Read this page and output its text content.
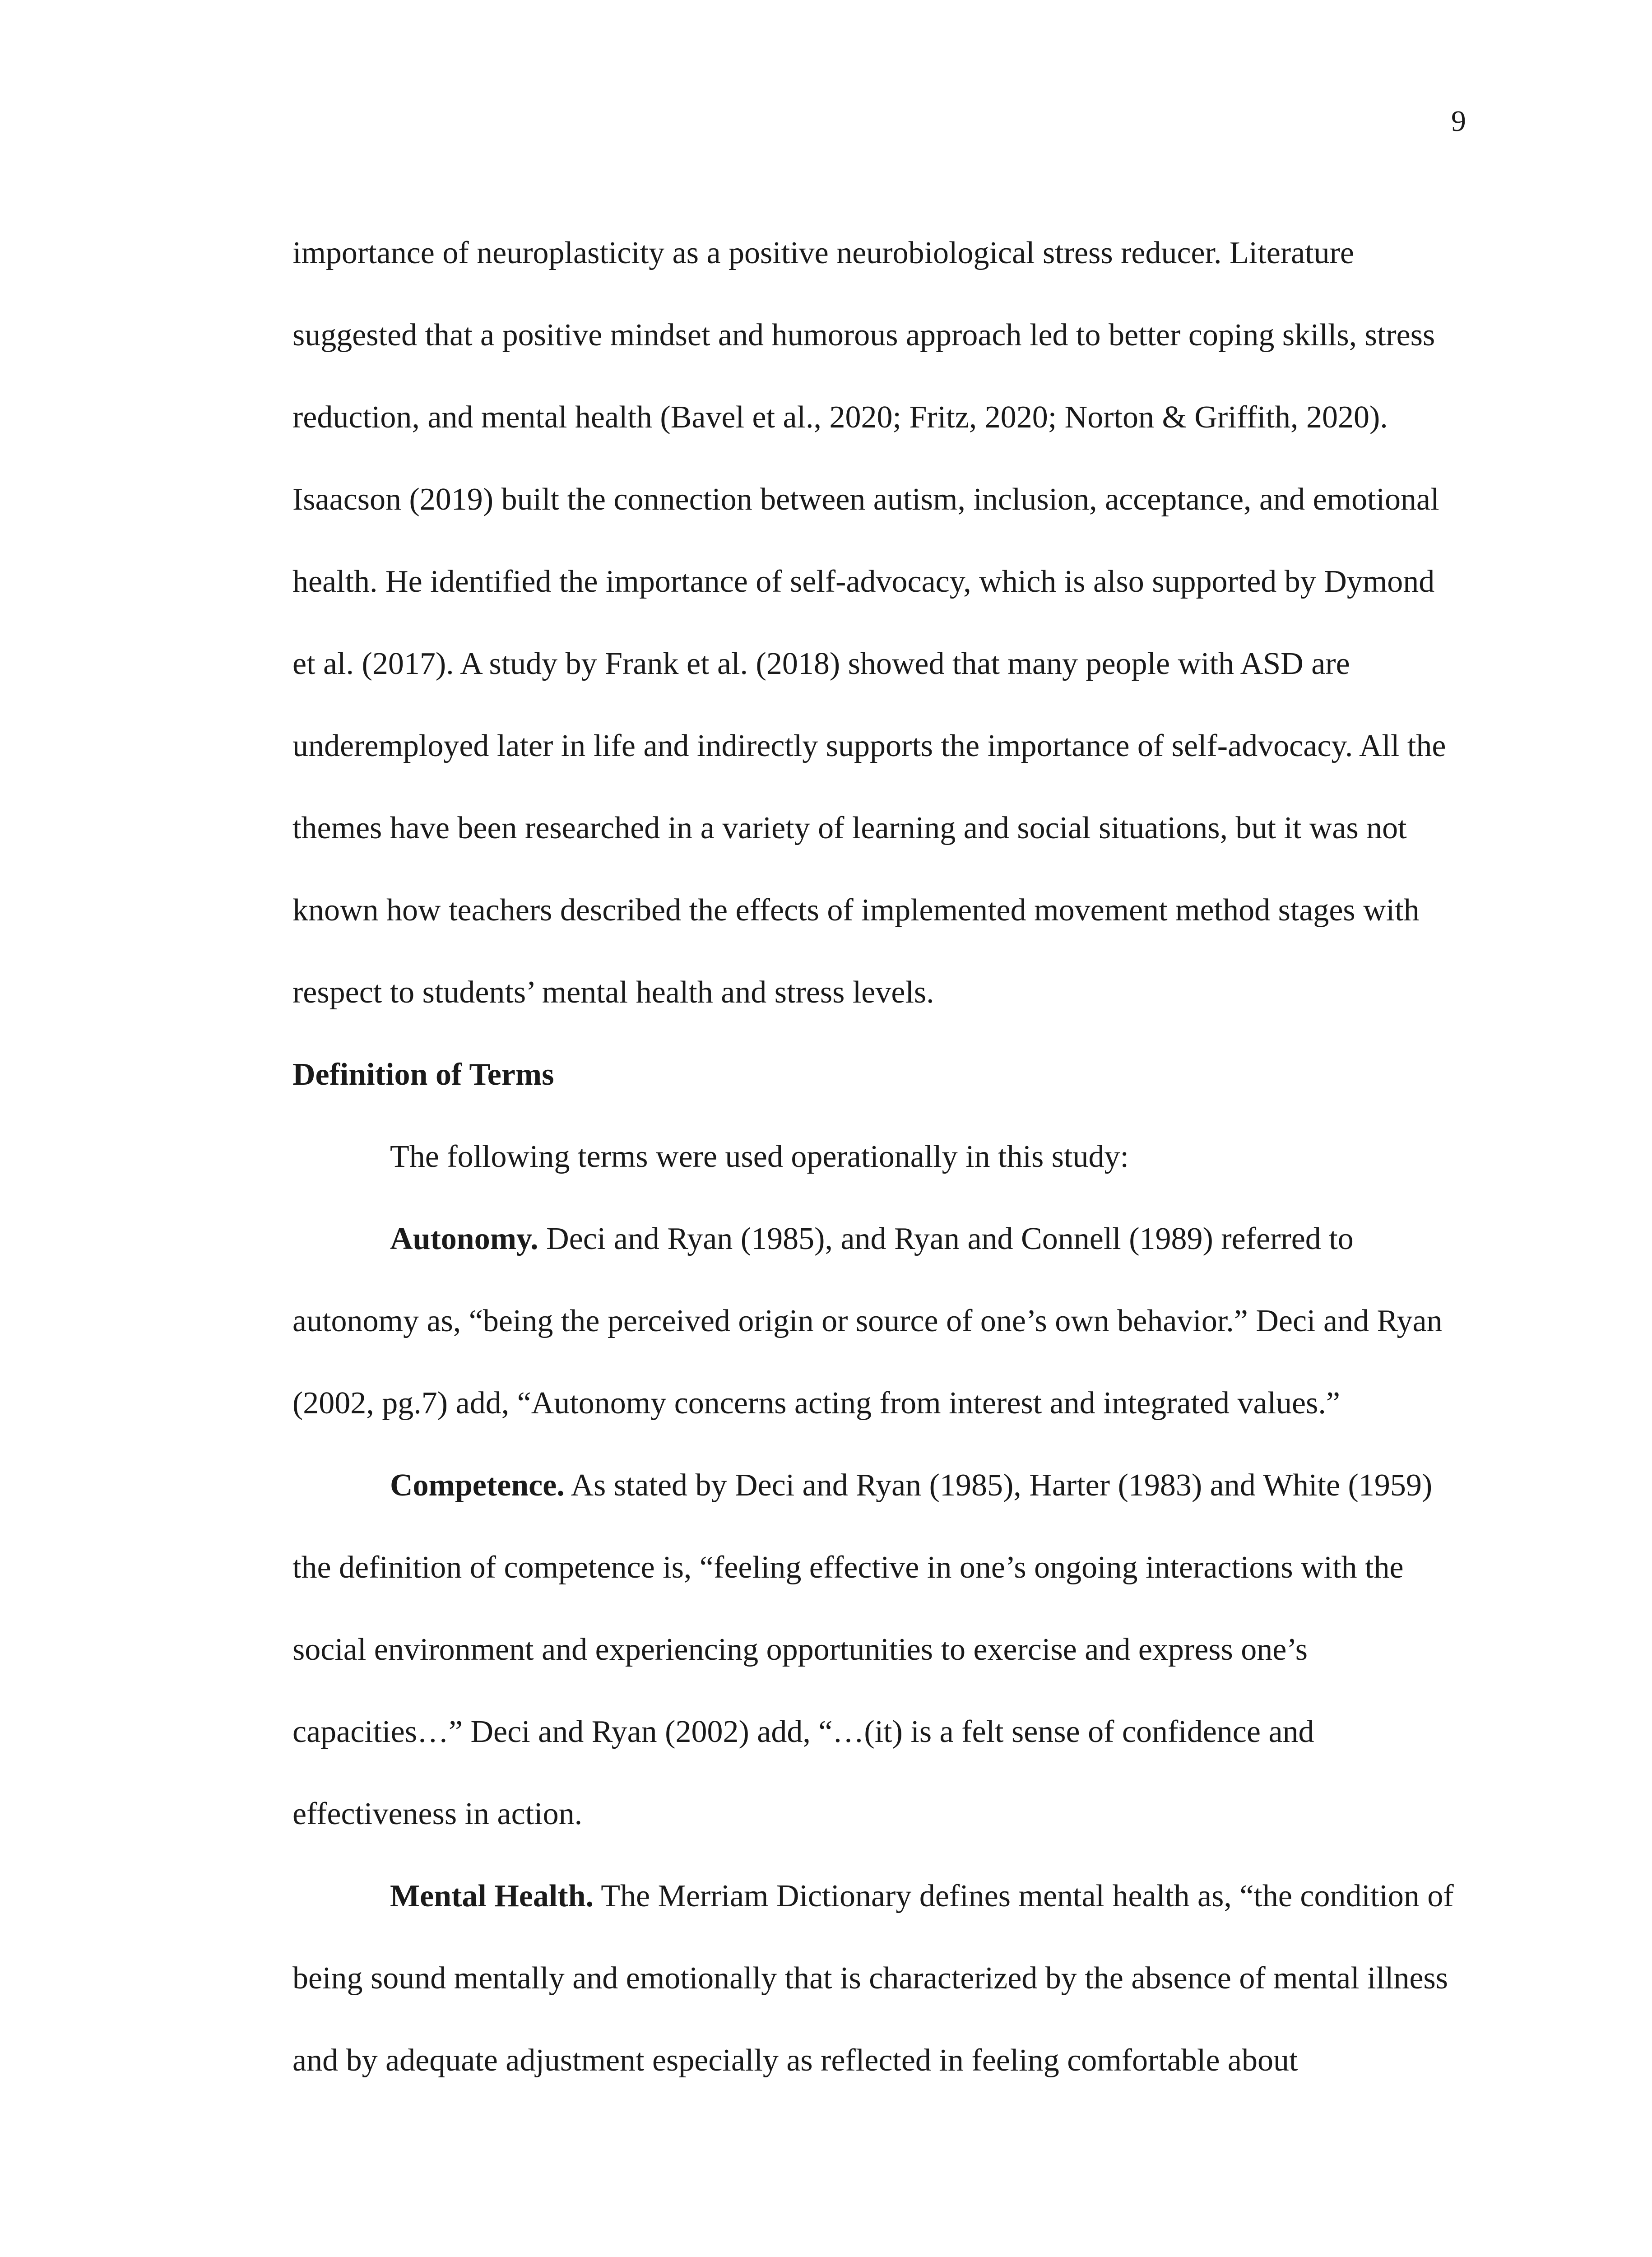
9

importance of neuroplasticity as a positive neurobiological stress reducer. Literature suggested that a positive mindset and humorous approach led to better coping skills, stress reduction, and mental health (Bavel et al., 2020; Fritz, 2020; Norton & Griffith, 2020). Isaacson (2019) built the connection between autism, inclusion, acceptance, and emotional health. He identified the importance of self-advocacy, which is also supported by Dymond et al. (2017). A study by Frank et al. (2018) showed that many people with ASD are underemployed later in life and indirectly supports the importance of self-advocacy. All the themes have been researched in a variety of learning and social situations, but it was not known how teachers described the effects of implemented movement method stages with respect to students’ mental health and stress levels.

Definition of Terms

The following terms were used operationally in this study:

Autonomy. Deci and Ryan (1985), and Ryan and Connell (1989) referred to autonomy as, “being the perceived origin or source of one’s own behavior.” Deci and Ryan (2002, pg.7) add, “Autonomy concerns acting from interest and integrated values.”

Competence. As stated by Deci and Ryan (1985), Harter (1983) and White (1959) the definition of competence is, “feeling effective in one’s ongoing interactions with the social environment and experiencing opportunities to exercise and express one’s capacities…” Deci and Ryan (2002) add, “…(it) is a felt sense of confidence and effectiveness in action.

Mental Health. The Merriam Dictionary defines mental health as, “the condition of being sound mentally and emotionally that is characterized by the absence of mental illness and by adequate adjustment especially as reflected in feeling comfortable about
